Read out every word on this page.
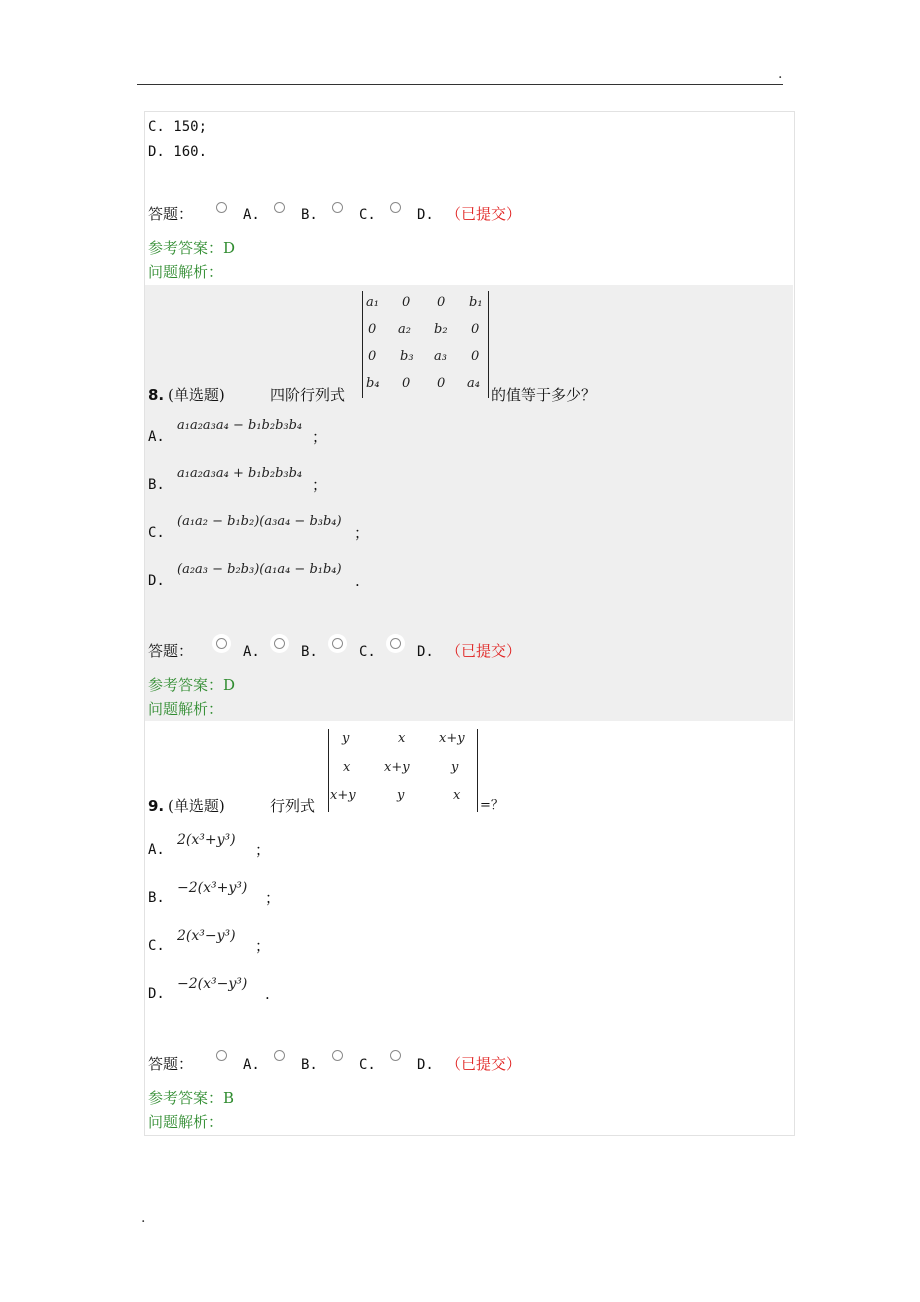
.
.
C. 150;
D. 160.
答题：	A.	B.	C.	D. （已提交）
参考答案：D
问题解析：
a₁ 0 0 b₁
0 a₂ b₂ 0
0 b₃ a₃ 0
b₄ 0 0 a₄
8. (单选题)	四阶行列式	的值等于多少？
A.
a₁a₂a₃a₄ − b₁b₂b₃b₄
；
B.
a₁a₂a₃a₄ + b₁b₂b₃b₄
；
C.
(a₁a₂ − b₁b₂)(a₃a₄ − b₃b₄)
；
D.
(a₂a₃ − b₂b₃)(a₁a₄ − b₁b₄)
.
答题：	A.	B.	C.	D. （已提交）
参考答案：D
问题解析：
y	x	x+y
x	x+y	y
x+y	y	x
9. (单选题)	行列式	=？
A.
2(x³+y³)
；
B.
−2(x³+y³)
；
C.
2(x³−y³)
；
D.
−2(x³−y³)
.
答题：	A.	B.	C.	D. （已提交）
参考答案：B
问题解析：
